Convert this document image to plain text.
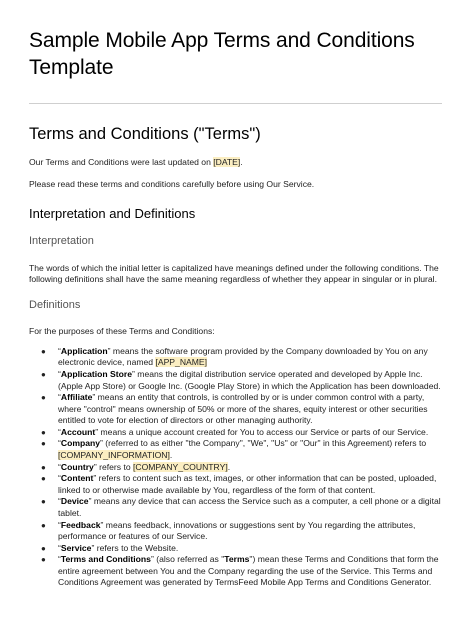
Sample Mobile App Terms and Conditions Template
Terms and Conditions ("Terms")

Our Terms and Conditions were last updated on [DATE].

Please read these terms and conditions carefully before using Our Service.

Interpretation and Definitions
Interpretation

The words of which the initial letter is capitalized have meanings defined under the following conditions. The following definitions shall have the same meaning regardless of whether they appear in singular or in plural.

Definitions

For the purposes of these Terms and Conditions:

● “Application” means the software program provided by the Company downloaded by You on any electronic device, named [APP_NAME]
● “Application Store” means the digital distribution service operated and developed by Apple Inc. (Apple App Store) or Google Inc. (Google Play Store) in which the Application has been downloaded.
● “Affiliate” means an entity that controls, is controlled by or is under common control with a party, where "control" means ownership of 50% or more of the shares, equity interest or other securities entitled to vote for election of directors or other managing authority.
● “Account” means a unique account created for You to access our Service or parts of our Service.
● “Company” (referred to as either "the Company", "We", "Us" or "Our" in this Agreement) refers to [COMPANY_INFORMATION].
● “Country” refers to [COMPANY_COUNTRY].
● “Content” refers to content such as text, images, or other information that can be posted, uploaded, linked to or otherwise made available by You, regardless of the form of that content.
● “Device” means any device that can access the Service such as a computer, a cell phone or a digital tablet.
● “Feedback” means feedback, innovations or suggestions sent by You regarding the attributes, performance or features of our Service.
● “Service” refers to the Website.
● “Terms and Conditions” (also referred as "Terms") mean these Terms and Conditions that form the entire agreement between You and the Company regarding the use of the Service. This Terms and Conditions Agreement was generated by TermsFeed Mobile App Terms and Conditions Generator.
